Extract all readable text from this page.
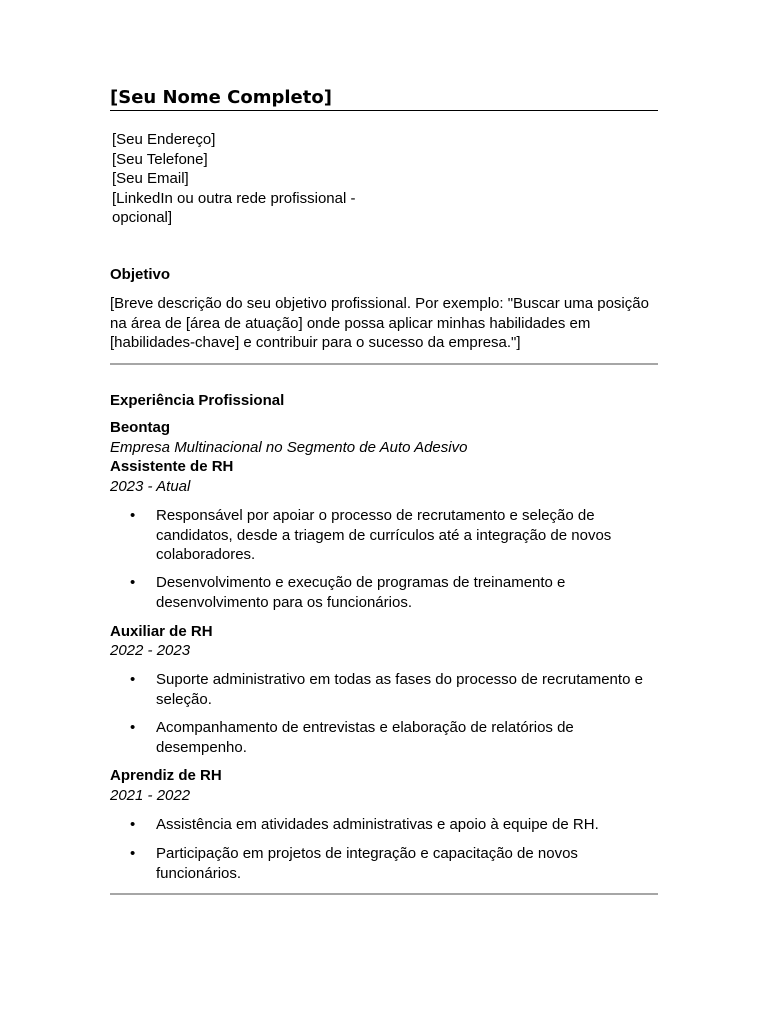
[Seu Nome Completo]
[Seu Endereço]
[Seu Telefone]
[Seu Email]
[LinkedIn ou outra rede profissional -
opcional]
Objetivo
[Breve descrição do seu objetivo profissional. Por exemplo: "Buscar uma posição na área de [área de atuação] onde possa aplicar minhas habilidades em [habilidades-chave] e contribuir para o sucesso da empresa."]
Experiência Profissional
Beontag
Empresa Multinacional no Segmento de Auto Adesivo
Assistente de RH
2023 - Atual
•	Responsável por apoiar o processo de recrutamento e seleção de candidatos, desde a triagem de currículos até a integração de novos colaboradores.
•	Desenvolvimento e execução de programas de treinamento e desenvolvimento para os funcionários.
Auxiliar de RH
2022 - 2023
•	Suporte administrativo em todas as fases do processo de recrutamento e seleção.
•	Acompanhamento de entrevistas e elaboração de relatórios de desempenho.
Aprendiz de RH
2021 - 2022
•	Assistência em atividades administrativas e apoio à equipe de RH.
•	Participação em projetos de integração e capacitação de novos funcionários.
